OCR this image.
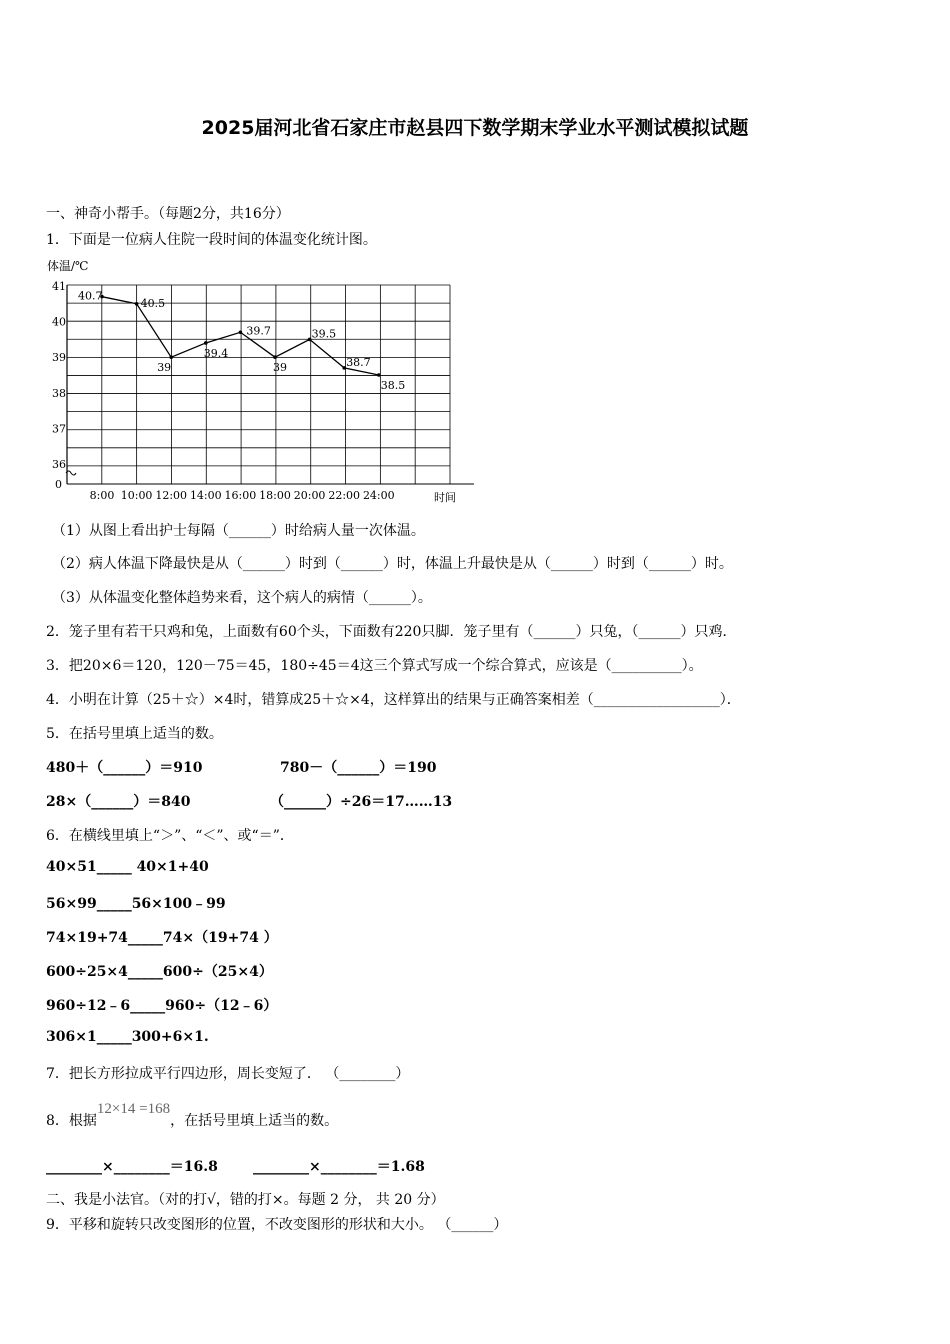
2025届河北省石家庄市赵县四下数学期末学业水平测试模拟试题
一、神奇小帮手。（每题2分，共16分）
1．下面是一位病人住院一段时间的体温变化统计图。
体温/℃
41
40
39
38
37
36
0
8:00 10:00 12:00 14:00 16:00 18:00 20:00 22:00 24:00
40.7
40.5
39
39.4
39.7
39
39.5
38.7
38.5
时间
（1）从图上看出护士每隔（______）时给病人量一次体温。
（2）病人体温下降最快是从（______）时到（______）时，体温上升最快是从（______）时到（______）时。
（3）从体温变化整体趋势来看，这个病人的病情（______）。
2．笼子里有若干只鸡和兔，上面数有60个头，下面数有220只脚．笼子里有（______）只兔，（______）只鸡．
3．把20×6＝120，120－75＝45，180÷45＝4这三个算式写成一个综合算式，应该是（__________）。
4．小明在计算（25＋☆）×4时，错算成25＋☆×4，这样算出的结果与正确答案相差（__________________）．
5．在括号里填上适当的数。
480＋（______）＝910	780－（______）＝190
28×（______）＝840	（______）÷26＝17……13
6．在横线里填上“＞”、“＜”、或“＝”．
40×51_____ 40×1+40
56×99_____56×100﹣99
74×19+74_____74×（19+74 ）
600÷25×4_____600÷（25×4）
960÷12﹣6_____960÷（12﹣6）
306×1_____300+6×1.
7．把长方形拉成平行四边形，周长变短了． （________）
8．根据12×14 =168，在括号里填上适当的数。
________×________＝16.8	________×________＝1.68
二、我是小法官。（对的打√，错的打×。每题 2 分， 共 20 分）
9．平移和旋转只改变图形的位置，不改变图形的形状和大小。 （______）
